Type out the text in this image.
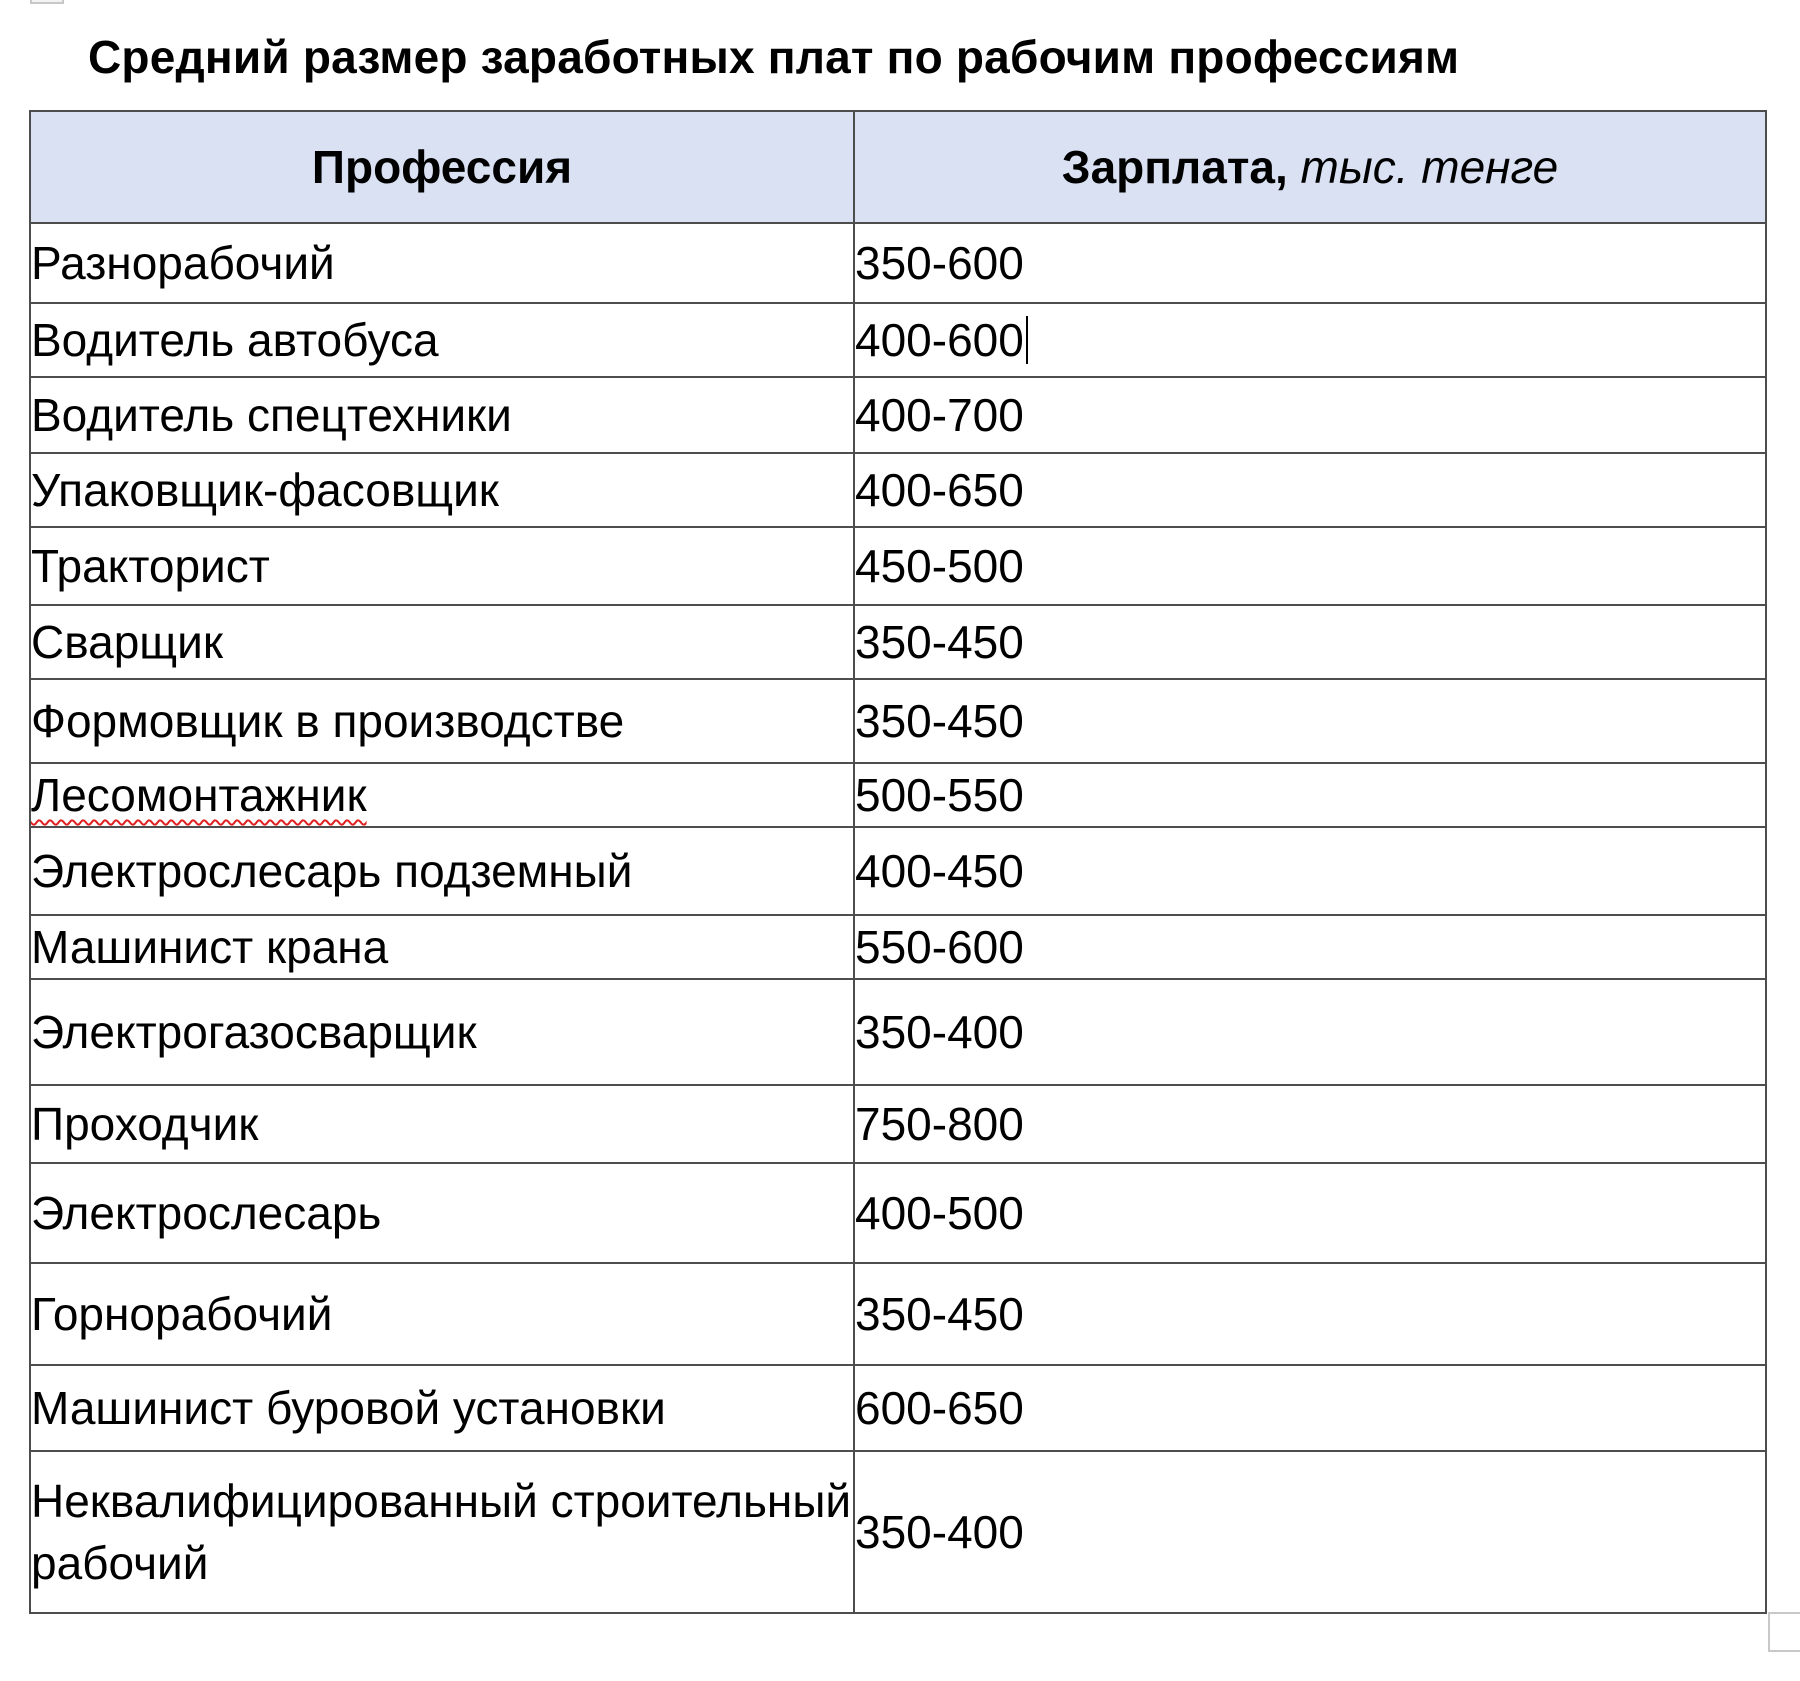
Средний размер заработных плат по рабочим профессиям
Профессия	Зарплата, тыс. тенге
Разнорабочий	350-600
Водитель автобуса	400-600
Водитель спецтехники	400-700
Упаковщик-фасовщик	400-650
Тракторист	450-500
Сварщик	350-450
Формовщик в производстве	350-450
Лесомонтажник	500-550
Электрослесарь подземный	400-450
Машинист крана	550-600
Электрогазосварщик	350-400
Проходчик	750-800
Электрослесарь	400-500
Горнорабочий	350-450
Машинист буровой установки	600-650
Неквалифицированный строительный рабочий	350-400
